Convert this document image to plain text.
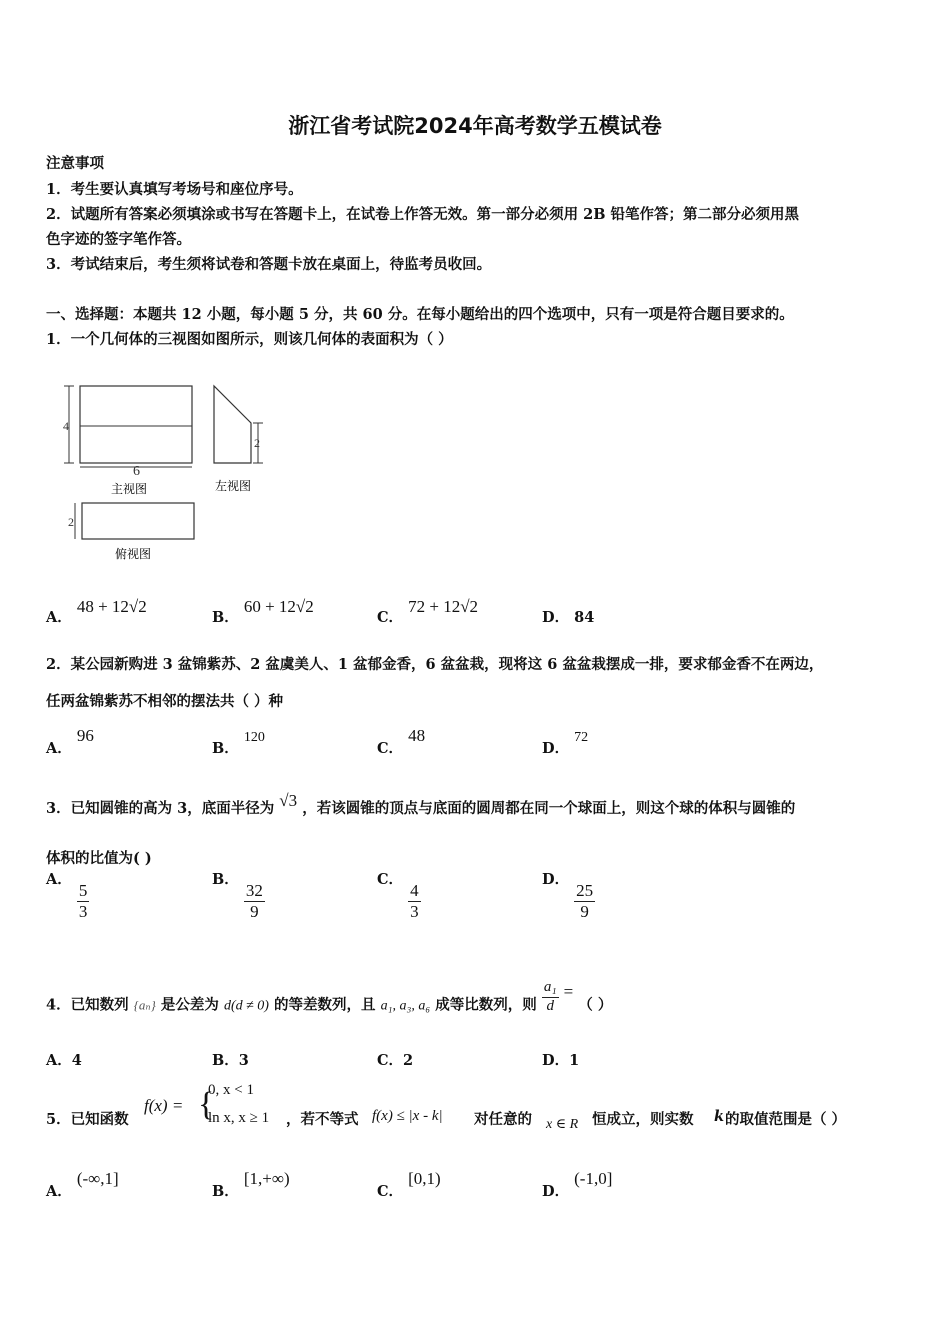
浙江省考试院2024年高考数学五模试卷
注意事项
1．考生要认真填写考场号和座位序号。
2．试题所有答案必须填涂或书写在答题卡上，在试卷上作答无效。第一部分必须用 2B 铅笔作答；第二部分必须用黑
色字迹的签字笔作答。
3．考试结束后，考生须将试卷和答题卡放在桌面上，待监考员收回。
一、选择题：本题共 12 小题，每小题 5 分，共 60 分。在每小题给出的四个选项中，只有一项是符合题目要求的。
1．一个几何体的三视图如图所示，则该几何体的表面积为（ ）
4
6
主视图
2
左视图
2
俯视图
A． 48 + 12√2
B． 60 + 12√2
C． 72 + 12√2
D． 84
2．某公园新购进 3 盆锦紫苏、2 盆虞美人、1 盆郁金香，6 盆盆栽，现将这 6 盆盆栽摆成一排，要求郁金香不在两边，
任两盆锦紫苏不相邻的摆法共（ ）种
A． 96
B． 120
C． 48
D． 72
3．已知圆锥的高为 3，底面半径为 √3 ，若该圆锥的顶点与底面的圆周都在同一个球面上，则这个球的体积与圆锥的
体积的比值为( )
A．
$\frac{5}{3}$
B．
$\frac{32}{9}$
C．
$\frac{4}{3}$
D．
$\frac{25}{9}$
4．已知数列 {aₙ} 是公差为 d(d ≠ 0) 的等差数列，且 a₁, a₃, a₆ 成等比数列，则 $\frac{\text{a₁}}{d}$ = （ ）
A．4	B．3	C．2	D．1
5．已知函数
f(x) = {
0, x < 1
ln x, x ≥ 1 ，若不等式 f(x) ≤ |x - k| 对任意的 x ∈ R 恒成立，则实数 k 的取值范围是（ ）
A． (-∞,1]
B． [1,+∞)
C． [0,1)
D． (-1,0]
